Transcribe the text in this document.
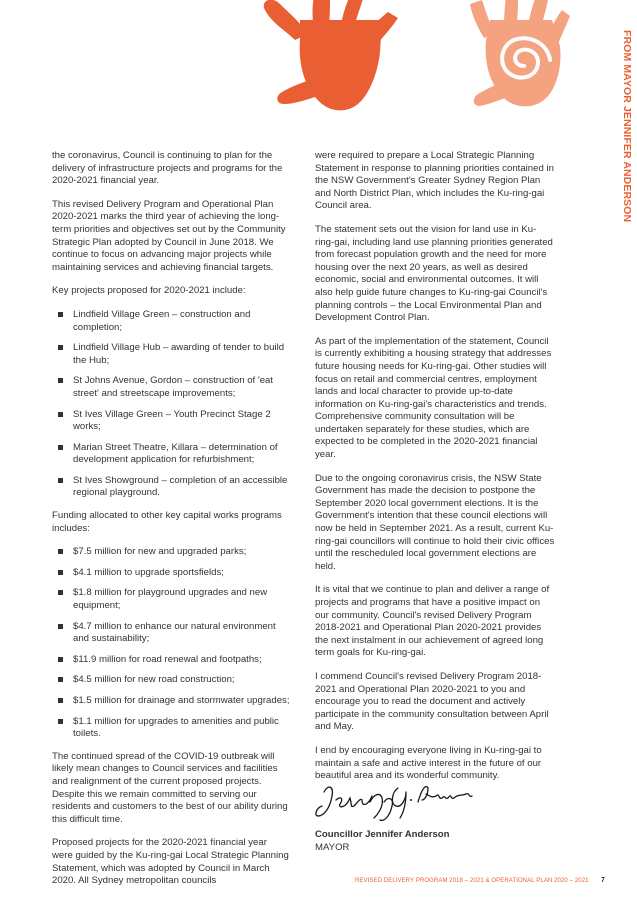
FROM MAYOR JENNIFER ANDERSON

the coronavirus, Council is continuing to plan for the delivery of infrastructure projects and programs for the 2020-2021 financial year.

This revised Delivery Program and Operational Plan 2020-2021 marks the third year of achieving the long-term priorities and objectives set out by the Community Strategic Plan adopted by Council in June 2018. We continue to focus on advancing major projects while maintaining services and achieving financial targets.

Key projects proposed for 2020-2021 include:

Lindfield Village Green – construction and completion;
Lindfield Village Hub – awarding of tender to build the Hub;
St Johns Avenue, Gordon – construction of 'eat street' and streetscape improvements;
St Ives Village Green – Youth Precinct Stage 2 works;
Marian Street Theatre, Killara – determination of development application for refurbishment;
St Ives Showground – completion of an accessible regional playground.

Funding allocated to other key capital works programs includes:

$7.5 million for new and upgraded parks;
$4.1 million to upgrade sportsfields;
$1.8 million for playground upgrades and new equipment;
$4.7 million to enhance our natural environment and sustainability;
$11.9 million for road renewal and footpaths;
$4.5 million for new road construction;
$1.5 million for drainage and stormwater upgrades;
$1.1 million for upgrades to amenities and public toilets.

The continued spread of the COVID-19 outbreak will likely mean changes to Council services and facilities and realignment of the current proposed projects. Despite this we remain committed to serving our residents and customers to the best of our ability during this difficult time.

Proposed projects for the 2020-2021 financial year were guided by the Ku-ring-gai Local Strategic Planning Statement, which was adopted by Council in March 2020. All Sydney metropolitan councils

were required to prepare a Local Strategic Planning Statement in response to planning priorities contained in the NSW Government's Greater Sydney Region Plan and North District Plan, which includes the Ku-ring-gai Council area.

The statement sets out the vision for land use in Ku-ring-gai, including land use planning priorities generated from forecast population growth and the need for more housing over the next 20 years, as well as desired economic, social and environmental outcomes. It will also help guide future changes to Ku-ring-gai Council's planning controls – the Local Environmental Plan and Development Control Plan.

As part of the implementation of the statement, Council is currently exhibiting a housing strategy that addresses future housing needs for Ku-ring-gai. Other studies will focus on retail and commercial centres, employment lands and local character to provide up-to-date information on Ku-ring-gai's characteristics and trends. Comprehensive community consultation will be undertaken separately for these studies, which are expected to be completed in the 2020-2021 financial year.

Due to the ongoing coronavirus crisis, the NSW State Government has made the decision to postpone the September 2020 local government elections. It is the Government's intention that these council elections will now be held in September 2021. As a result, current Ku-ring-gai councillors will continue to hold their civic offices until the rescheduled local government elections are held.

It is vital that we continue to plan and deliver a range of projects and programs that have a positive impact on our community. Council's revised Delivery Program 2018-2021 and Operational Plan 2020-2021 provides the next instalment in our achievement of agreed long term goals for Ku-ring-gai.

I commend Council's revised Delivery Program 2018-2021 and Operational Plan 2020-2021 to you and encourage you to read the document and actively participate in the community consultation between April and May.

I end by encouraging everyone living in Ku-ring-gai to maintain a safe and active interest in the future of our beautiful area and its wonderful community.

Councillor Jennifer Anderson
MAYOR
REVISED DELIVERY PROGRAM 2018 – 2021 & OPERATIONAL PLAN 2020 – 2021 7
